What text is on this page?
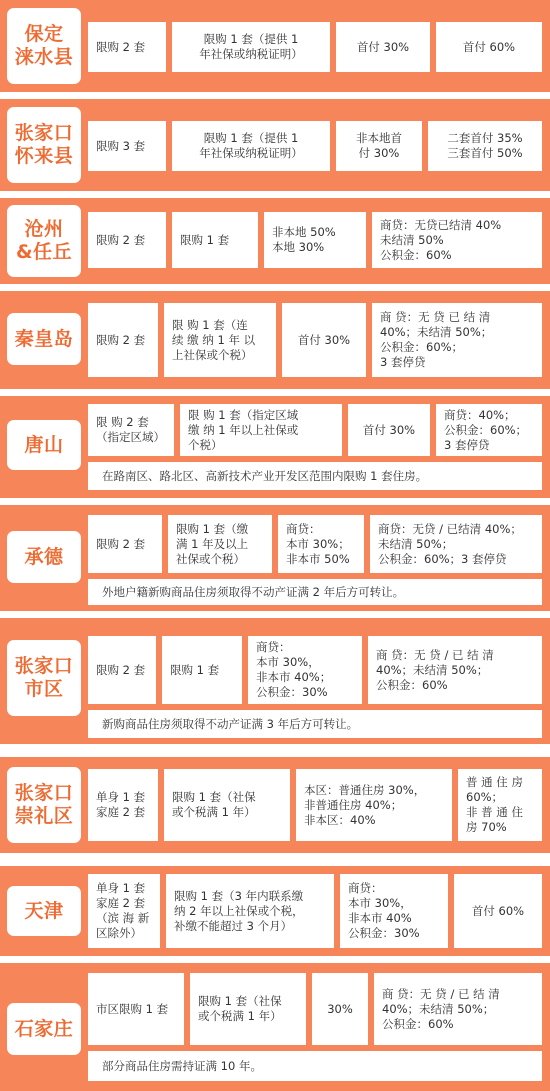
保定
涞水县 限购 2 套
限购 1 套（提供 1
年社保或纳税证明）
首付 30%	首付 60%
张家口
怀来县 限购 3 套
限购 1 套（提供 1
年社保或纳税证明）
非本地首
付 30%
二套首付 35%
三套首付 50%
沧州
&任丘
限购 2 套	限购 1 套
非本地 50%
本地 30%
商贷：无贷已结清 40%
未结清 50%
公积金：60%
秦皇岛 限购 2 套
限 购 1 套（连
续 缴 纳 1 年 以
上社保或个税）
首付 30%
商 贷：无 贷 已 结 清
40%；未结清 50%；
公积金：60%；
3 套停贷
唐山
限 购 2 套
（指定区域）
限 购 1 套（指定区域
缴 纳 1 年以上社保或
个税）
首付 30%
商贷：40%；
公积金：60%；
3 套停贷
在路南区、路北区、高新技术产业开发区范围内限购 1 套住房。
承德
限购 2 套
限购 1 套（缴
满 1 年及以上
社保或个税）
商贷：
本市 30%；
非本市 50%
商贷：无贷 / 已结清 40%；
未结清 50%；
公积金：60%；3 套停贷
外地户籍新购商品住房须取得不动产证满 2 年后方可转让。
张家口
市区
限购 2 套 限购 1 套
商贷：
本市 30%，
非本市 40%；
公积金：30%
商 贷：无 贷 / 已 结 清
40%；未结清 50%；
公积金：60%
新购商品住房须取得不动产证满 3 年后方可转让。
张家口
崇礼区
单身 1 套
家庭 2 套
限购 1 套（社保
或个税满 1 年）
本区：普通住房 30%，
非普通住房 40%；
非本区：40%
普 通 住 房
60%；
非 普 通 住
房 70%
天津
单身 1 套
家庭 2 套
（滨 海 新
区除外）
限购 1 套（3 年内联系缴
纳 2 年以上社保或个税，
补缴不能超过 3 个月）
商贷：
本市 30%，
非本市 40%
公积金：30%
首付 60%
石家庄
市区限购 1 套
限购 1 套（社保
或个税满 1 年）
30%
商 贷：无 贷 / 已 结 清
40%；未结清 50%；
公积金：60%
部分商品住房需持证满 10 年。
